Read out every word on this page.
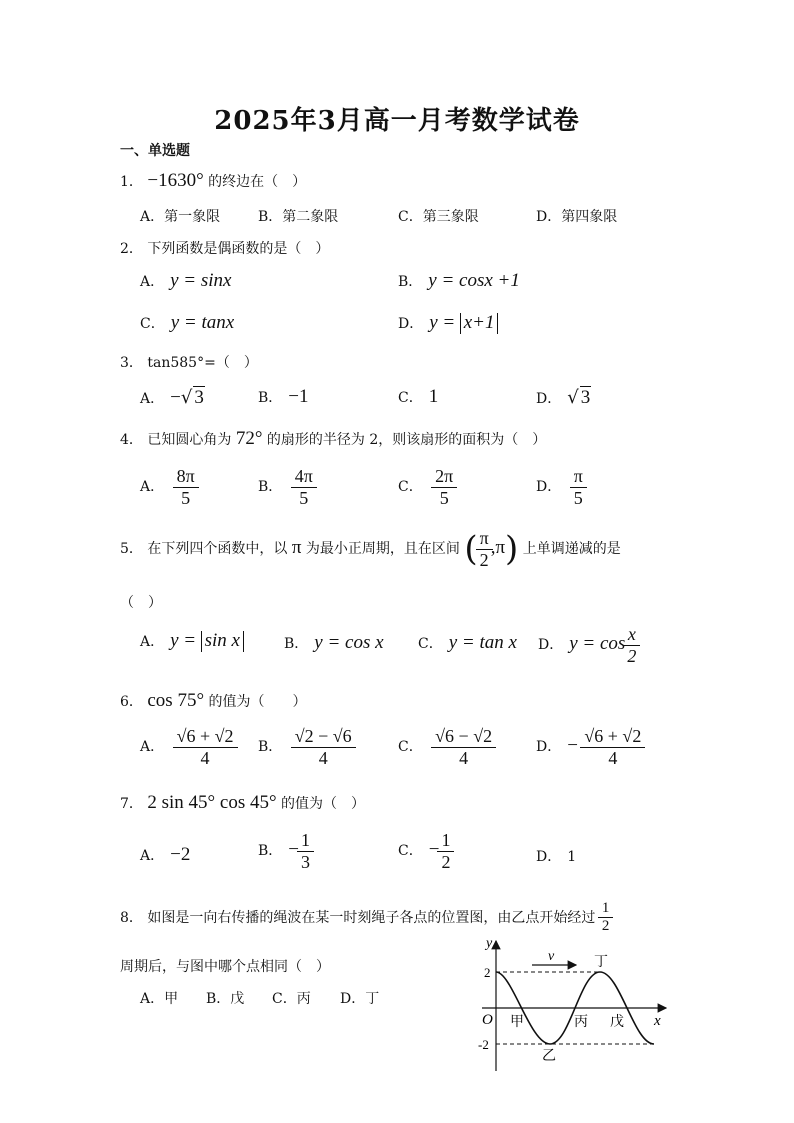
2025年3月高一月考数学试卷
一、单选题
1． −1630° 的终边在（　）
A．第一象限	B．第二象限	C．第三象限	D．第四象限
2． 下列函数是偶函数的是（　）
A． y = sinx	B． y = cosx +1
C． y = tanx	D． y = x+1
3． tan585°=（　）
A． −√ 3	B． −1	C． 1	D． √ 3
4． 已知圆心角为 72° 的扇形的半径为 2，则该扇形的面积为（　）
A． $\frac{8\pi}{5}$	B． $\frac{4\pi}{5}$	C． $\frac{2\pi}{5}$	D． $\frac{\pi}{5}$
5． 在下列四个函数中，以 π 为最小正周期，且在区间 ( $\frac{\pi}{2} ,\pi$) 上单调递减的是
（　）
A． y = sin x	B． y = cos x C． y = tan x D． $y = \cos \frac{x}{2}$
6． cos 75° 的值为（　　）
A． $\frac{√6 + √2}{4}$ B． $\frac{√2 - √6}{4}$	C． $\frac{√6 - √2}{4}$	D． − $\frac{√6 + √2}{4}$
7． 2 sin 45° cos 45° 的值为（　）
A． −2	B． − $\frac{1}{3}$	C． − $\frac{1}{2}$	D． 1
8． 如图是一向右传播的绳波在某一时刻绳子各点的位置图，由乙点开始经过 $\frac{1}{2}$
周期后，与图中哪个点相同（　）
A．甲 B．戊 C．丙 D．丁
y
x
O
v
2
-2
甲
乙
丙
丁
戊
